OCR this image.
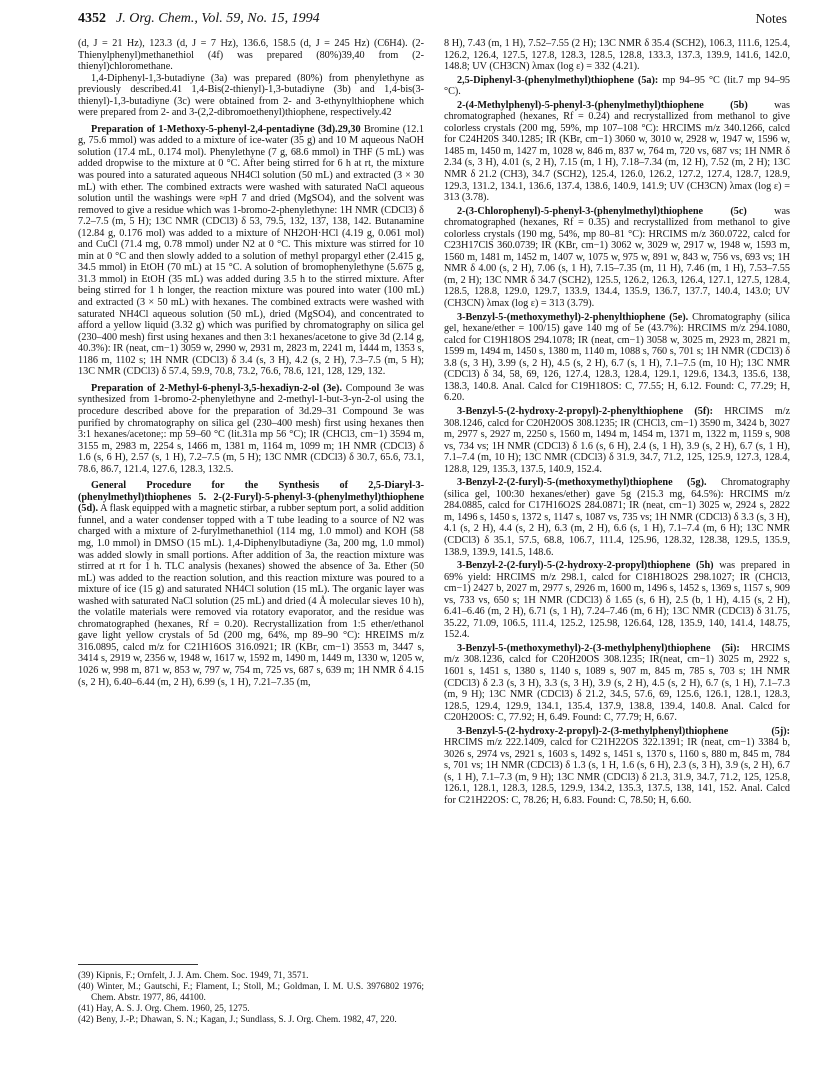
4352 J. Org. Chem., Vol. 59, No. 15, 1994	Notes

(d, J = 21 Hz), 123.3 (d, J = 7 Hz), 136.6, 158.5 (d, J = 245 Hz) (C6H4). (2-Thienylphenyl)methanethiol (4f) was prepared (80%)39,40 from (2-thienyl)chloromethane.

1,4-Diphenyl-1,3-butadiyne (3a) was prepared (80%) from phenylethyne as previously described.41 1,4-Bis(2-thienyl)-1,3-butadiyne (3b) and 1,4-bis(3-thienyl)-1,3-butadiyne (3c) were obtained from 2- and 3-ethynylthiophene which were prepared from 2- and 3-(2,2-dibromoethenyl)thiophene, respectively.42

Preparation of 1-Methoxy-5-phenyl-2,4-pentadiyne (3d).29,30 Bromine (12.1 g, 75.6 mmol) was added to a mixture of ice-water (35 g) and 10 M aqueous NaOH solution (17.4 mL, 0.174 mol). Phenylethyne (7 g, 68.6 mmol) in THF (5 mL) was added dropwise to the mixture at 0 °C. After being stirred for 6 h at rt, the mixture was poured into a saturated aqueous NH4Cl solution (50 mL) and extracted (3 × 30 mL) with ether. The combined extracts were washed with saturated NaCl aqueous solution until the washings were ≈pH 7 and dried (MgSO4), and the solvent was removed to give a residue which was 1-bromo-2-phenylethyne: 1H NMR (CDCl3) δ 7.2–7.5 (m, 5 H); 13C NMR (CDCl3) δ 53, 79.5, 132, 137, 138, 142. Butanamine (12.84 g, 0.176 mol) was added to a mixture of NH2OH·HCl (4.19 g, 0.061 mol) and CuCl (71.4 mg, 0.78 mmol) under N2 at 0 °C. This mixture was stirred for 10 min at 0 °C and then slowly added to a solution of methyl propargyl ether (2.415 g, 34.5 mmol) in EtOH (70 mL) at 15 °C. A solution of bromophenylethyne (5.675 g, 31.3 mmol) in EtOH (35 mL) was added during 3.5 h to the stirred mixture. After being stirred for 1 h longer, the reaction mixture was poured into water (100 mL) and extracted (3 × 50 mL) with hexanes. The combined extracts were washed with saturated NH4Cl aqueous solution (50 mL), dried (MgSO4), and concentrated to afford a yellow liquid (3.32 g) which was purified by chromatography on silica gel (230–400 mesh) first using hexanes and then 3:1 hexanes/acetone to give 3d (2.14 g, 40.3%): IR (neat, cm−1) 3059 w, 2990 w, 2931 m, 2823 m, 2241 m, 1444 m, 1353 s, 1186 m, 1102 s; 1H NMR (CDCl3) δ 3.4 (s, 3 H), 4.2 (s, 2 H), 7.3–7.5 (m, 5 H); 13C NMR (CDCl3) δ 57.4, 59.9, 70.8, 73.2, 76.6, 78.6, 121, 128, 129, 132.

Preparation of 2-Methyl-6-phenyl-3,5-hexadiyn-2-ol (3e). Compound 3e was synthesized from 1-bromo-2-phenylethyne and 2-methyl-1-but-3-yn-2-ol using the procedure described above for the preparation of 3d.29–31 Compound 3e was purified by chromatography on silica gel (230–400 mesh) first using hexanes then 3:1 hexanes/acetone;: mp 59–60 °C (lit.31a mp 56 °C); IR (CHCl3, cm−1) 3594 m, 3155 m, 2983 m, 2254 s, 1466 m, 1381 m, 1164 m, 1099 m; 1H NMR (CDCl3) δ 1.6 (s, 6 H), 2.57 (s, 1 H), 7.2–7.5 (m, 5 H); 13C NMR (CDCl3) δ 30.7, 65.6, 73.1, 78.6, 86.7, 121.4, 127.6, 128.3, 132.5.

General Procedure for the Synthesis of 2,5-Diaryl-3-(phenylmethyl)thiophenes 5. 2-(2-Furyl)-5-phenyl-3-(phenylmethyl)thiophene (5d). A flask equipped with a magnetic stirbar, a rubber septum port, a solid addition funnel, and a water condenser topped with a T tube leading to a source of N2 was charged with a mixture of 2-furylmethanethiol (114 mg, 1.0 mmol) and KOH (58 mg, 1.0 mmol) in DMSO (15 mL). 1,4-Diphenylbutadiyne (3a, 200 mg, 1.0 mmol) was added slowly in small portions. After addition of 3a, the reaction mixture was stirred at rt for 1 h. TLC analysis (hexanes) showed the absence of 3a. Ether (50 mL) was added to the reaction solution, and this reaction mixture was poured to a mixture of ice (15 g) and saturated NH4Cl solution (15 mL). The organic layer was washed with saturated NaCl solution (25 mL) and dried (4 Å molecular sieves 10 h), the volatile materials were removed via rotatory evaporator, and the residue was chromatographed (hexanes, Rf = 0.20). Recrystallization from 1:5 ether/ethanol gave light yellow crystals of 5d (200 mg, 64%, mp 89–90 °C): HREIMS m/z 316.0895, calcd m/z for C21H16OS 316.0921; IR (KBr, cm−1) 3553 m, 3447 s, 3414 s, 2919 w, 2356 w, 1948 w, 1617 w, 1592 m, 1490 m, 1449 m, 1330 w, 1205 w, 1026 w, 998 m, 871 w, 853 w, 797 w, 754 m, 725 vs, 687 s, 639 m; 1H NMR δ 4.15 (s, 2 H), 6.40–6.44 (m, 2 H), 6.99 (s, 1 H), 7.21–7.35 (m,

8 H), 7.43 (m, 1 H), 7.52–7.55 (2 H); 13C NMR δ 35.4 (SCH2), 106.3, 111.6, 125.4, 126.2, 126.4, 127.5, 127.8, 128.3, 128.5, 128.8, 133.3, 137.3, 139.9, 141.6, 142.0, 148.8; UV (CH3CN) λmax (log ε) = 332 (4.21).

2,5-Diphenyl-3-(phenylmethyl)thiophene (5a): mp 94–95 °C (lit.7 mp 94–95 °C).

2-(4-Methylphenyl)-5-phenyl-3-(phenylmethyl)thiophene (5b) was chromatographed (hexanes, Rf = 0.24) and recrystallized from methanol to give colorless crystals (200 mg, 59%, mp 107–108 °C): HRCIMS m/z 340.1266, calcd for C24H20S 340.1285; IR (KBr, cm−1) 3060 w, 3010 w, 2928 w, 1947 w, 1596 w, 1485 m, 1450 m, 1427 m, 1028 w, 846 m, 837 w, 764 m, 720 vs, 687 vs; 1H NMR δ 2.34 (s, 3 H), 4.01 (s, 2 H), 7.15 (m, 1 H), 7.18–7.34 (m, 12 H), 7.52 (m, 2 H); 13C NMR δ 21.2 (CH3), 34.7 (SCH2), 125.4, 126.0, 126.2, 127.2, 127.4, 128.7, 128.9, 129.3, 131.2, 134.1, 136.6, 137.4, 138.6, 140.9, 141.9; UV (CH3CN) λmax (log ε) = 313 (3.78).

2-(3-Chlorophenyl)-5-phenyl-3-(phenylmethyl)thiophene (5c) was chromatographed (hexanes, Rf = 0.35) and recrystallized from methanol to give colorless crystals (190 mg, 54%, mp 80–81 °C): HRCIMS m/z 360.0722, calcd for C23H17ClS 360.0739; IR (KBr, cm−1) 3062 w, 3029 w, 2917 w, 1948 w, 1593 m, 1560 m, 1481 m, 1452 m, 1407 w, 1075 w, 975 w, 891 w, 843 w, 756 vs, 693 vs; 1H NMR δ 4.00 (s, 2 H), 7.06 (s, 1 H), 7.15–7.35 (m, 11 H), 7.46 (m, 1 H), 7.53–7.55 (m, 2 H); 13C NMR δ 34.7 (SCH2), 125.5, 126.2, 126.3, 126.4, 127.1, 127.5, 128.4, 128.5, 128.8, 129.0, 129.7, 133.9, 134.4, 135.9, 136.7, 137.7, 140.4, 143.0; UV (CH3CN) λmax (log ε) = 313 (3.79).

3-Benzyl-5-(methoxymethyl)-2-phenylthiophene (5e). Chromatography (silica gel, hexane/ether = 100/15) gave 140 mg of 5e (43.7%): HRCIMS m/z 294.1080, calcd for C19H18OS 294.1078; IR (neat, cm−1) 3058 w, 3025 m, 2923 m, 2821 m, 1599 m, 1494 m, 1450 s, 1380 m, 1140 m, 1088 s, 760 s, 701 s; 1H NMR (CDCl3) δ 3.8 (s, 3 H), 3.99 (s, 2 H), 4.5 (s, 2 H), 6.7 (s, 1 H), 7.1–7.5 (m, 10 H); 13C NMR (CDCl3) δ 34, 58, 69, 126, 127.4, 128.3, 128.4, 129.1, 129.6, 134.3, 135.6, 138, 138.3, 140.8. Anal. Calcd for C19H18OS: C, 77.55; H, 6.12. Found: C, 77.29; H, 6.20.

3-Benzyl-5-(2-hydroxy-2-propyl)-2-phenylthiophene (5f): HRCIMS m/z 308.1246, calcd for C20H20OS 308.1235; IR (CHCl3, cm−1) 3590 m, 3424 b, 3027 m, 2977 s, 2927 m, 2250 s, 1560 m, 1494 m, 1454 m, 1371 m, 1322 m, 1159 s, 908 vs, 734 vs; 1H NMR (CDCl3) δ 1.6 (s, 6 H), 2.4 (s, 1 H), 3.9 (s, 2 H), 6.7 (s, 1 H), 7.1–7.4 (m, 10 H); 13C NMR (CDCl3) δ 31.9, 34.7, 71.2, 125, 125.9, 127.3, 128.4, 128.8, 129, 135.3, 137.5, 140.9, 152.4.

3-Benzyl-2-(2-furyl)-5-(methoxymethyl)thiophene (5g). Chromatography (silica gel, 100:30 hexanes/ether) gave 5g (215.3 mg, 64.5%): HRCIMS m/z 284.0885, calcd for C17H16O2S 284.0871; IR (neat, cm−1) 3025 w, 2924 s, 2822 m, 1496 s, 1450 s, 1372 s, 1147 s, 1087 vs, 735 vs; 1H NMR (CDCl3) δ 3.3 (s, 3 H), 4.1 (s, 2 H), 4.4 (s, 2 H), 6.3 (m, 2 H), 6.6 (s, 1 H), 7.1–7.4 (m, 6 H); 13C NMR (CDCl3) δ 35.1, 57.5, 68.8, 106.7, 111.4, 125.96, 128.32, 128.38, 129.5, 135.9, 138.9, 139.9, 141.5, 148.6.

3-Benzyl-2-(2-furyl)-5-(2-hydroxy-2-propyl)thiophene (5h) was prepared in 69% yield: HRCIMS m/z 298.1, calcd for C18H18O2S 298.1027; IR (CHCl3, cm−1) 2427 b, 2027 m, 2977 s, 2926 m, 1600 m, 1496 s, 1452 s, 1369 s, 1157 s, 909 vs, 733 vs, 650 s; 1H NMR (CDCl3) δ 1.65 (s, 6 H), 2.5 (b, 1 H), 4.15 (s, 2 H), 6.41–6.46 (m, 2 H), 6.71 (s, 1 H), 7.24–7.46 (m, 6 H); 13C NMR (CDCl3) δ 31.75, 35.22, 71.09, 106.5, 111.4, 125.2, 125.98, 126.64, 128, 135.9, 140, 141.4, 148.75, 152.4.

3-Benzyl-5-(methoxymethyl)-2-(3-methylphenyl)thiophene (5i): HRCIMS m/z 308.1236, calcd for C20H20OS 308.1235; IR(neat, cm−1) 3025 m, 2922 s, 1601 s, 1451 s, 1380 s, 1140 s, 1089 s, 907 m, 845 m, 785 s, 703 s; 1H NMR (CDCl3) δ 2.3 (s, 3 H), 3.3 (s, 3 H), 3.9 (s, 2 H), 4.5 (s, 2 H), 6.7 (s, 1 H), 7.1–7.3 (m, 9 H); 13C NMR (CDCl3) δ 21.2, 34.5, 57.6, 69, 125.6, 126.1, 128.1, 128.3, 128.5, 129.4, 129.9, 134.1, 135.4, 137.9, 138.8, 139.4, 140.8. Anal. Calcd for C20H20OS: C, 77.92; H, 6.49. Found: C, 77.79; H, 6.67.

3-Benzyl-5-(2-hydroxy-2-propyl)-2-(3-methylphenyl)thiophene (5j): HRCIMS m/z 222.1409, calcd for C21H22OS 322.1391; IR (neat, cm−1) 3384 b, 3026 s, 2974 vs, 2921 s, 1603 s, 1492 s, 1451 s, 1370 s, 1160 s, 880 m, 845 m, 784 s, 701 vs; 1H NMR (CDCl3) δ 1.3 (s, 1 H, 1.6 (s, 6 H), 2.3 (s, 3 H), 3.9 (s, 2 H), 6.7 (s, 1 H), 7.1–7.3 (m, 9 H); 13C NMR (CDCl3) δ 21.3, 31.9, 34.7, 71.2, 125, 125.8, 126.1, 128.1, 128.3, 128.5, 129.9, 134.2, 135.3, 137.5, 138, 141, 152. Anal. Calcd for C21H22OS: C, 78.26; H, 6.83. Found: C, 78.50; H, 6.60.

(39) Kipnis, F.; Ornfelt, J. J. Am. Chem. Soc. 1949, 71, 3571.

(40) Winter, M.; Gautschi, F.; Flament, I.; Stoll, M.; Goldman, I. M. U.S. 3976802 1976; Chem. Abstr. 1977, 86, 44100.

(41) Hay, A. S. J. Org. Chem. 1960, 25, 1275.

(42) Beny, J.-P.; Dhawan, S. N.; Kagan, J.; Sundlass, S. J. Org. Chem. 1982, 47, 220.
